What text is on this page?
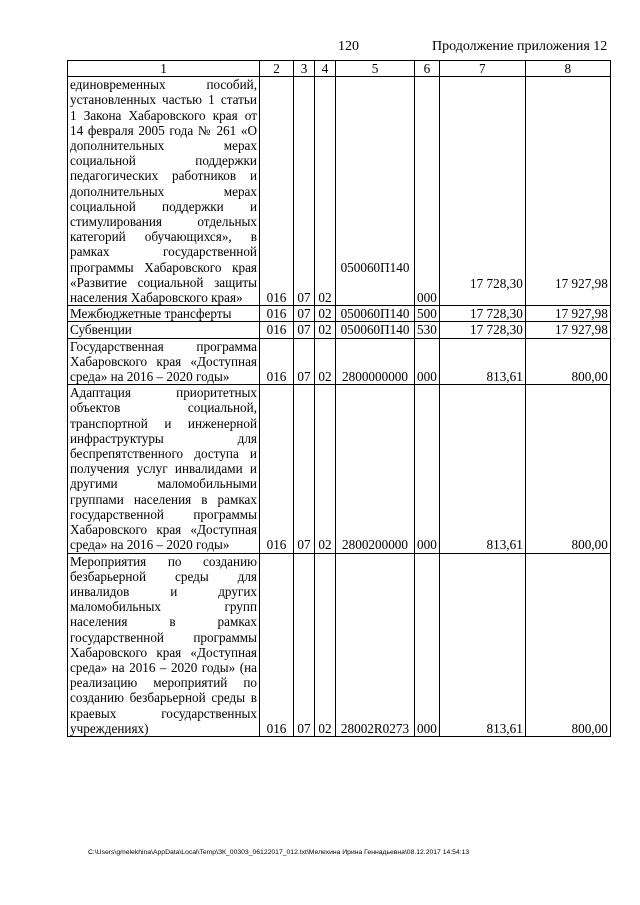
120	Продолжение приложения 12
1	2	3	4	5	6	7	8
единовременных пособий, установленных частью 1 статьи 1 Закона Хабаровского края от 14 февраля 2005 года № 261 «О дополнительных мерах социальной поддержки педагогических работников и дополнительных мерах социальной поддержки и стимулирования отдельных категорий обучающихся», в рамках государственной программы Хабаровского края «Развитие социальной защиты населения Хабаровского края»	016	07	02	050060П140	000	17 728,30	17 927,98
Межбюджетные трансферты	016	07	02	050060П140	500	17 728,30	17 927,98
Субвенции	016	07	02	050060П140	530	17 728,30	17 927,98
Государственная программа Хабаровского края «Доступная среда» на 2016 – 2020 годы»	016	07	02	2800000000	000	813,61	800,00
Адаптация приоритетных объектов социальной, транспортной и инженерной инфраструктуры для беспрепятственного доступа и получения услуг инвалидами и другими маломобильными группами населения в рамках государственной программы Хабаровского края «Доступная среда» на 2016 – 2020 годы»	016	07	02	2800200000	000	813,61	800,00
Мероприятия по созданию безбарьерной среды для инвалидов и других маломобильных групп населения в рамках государственной программы Хабаровского края «Доступная среда» на 2016 – 2020 годы» (на реализацию мероприятий по созданию безбарьерной среды в краевых государственных учреждениях)	016	07	02	28002R0273	000	813,61	800,00
C:\Users\gmelekhina\AppData\Local\Temp\ЗК_00303_06122017_012.txt\Мелехина Ирина Геннадьевна\08.12.2017 14:54:13
